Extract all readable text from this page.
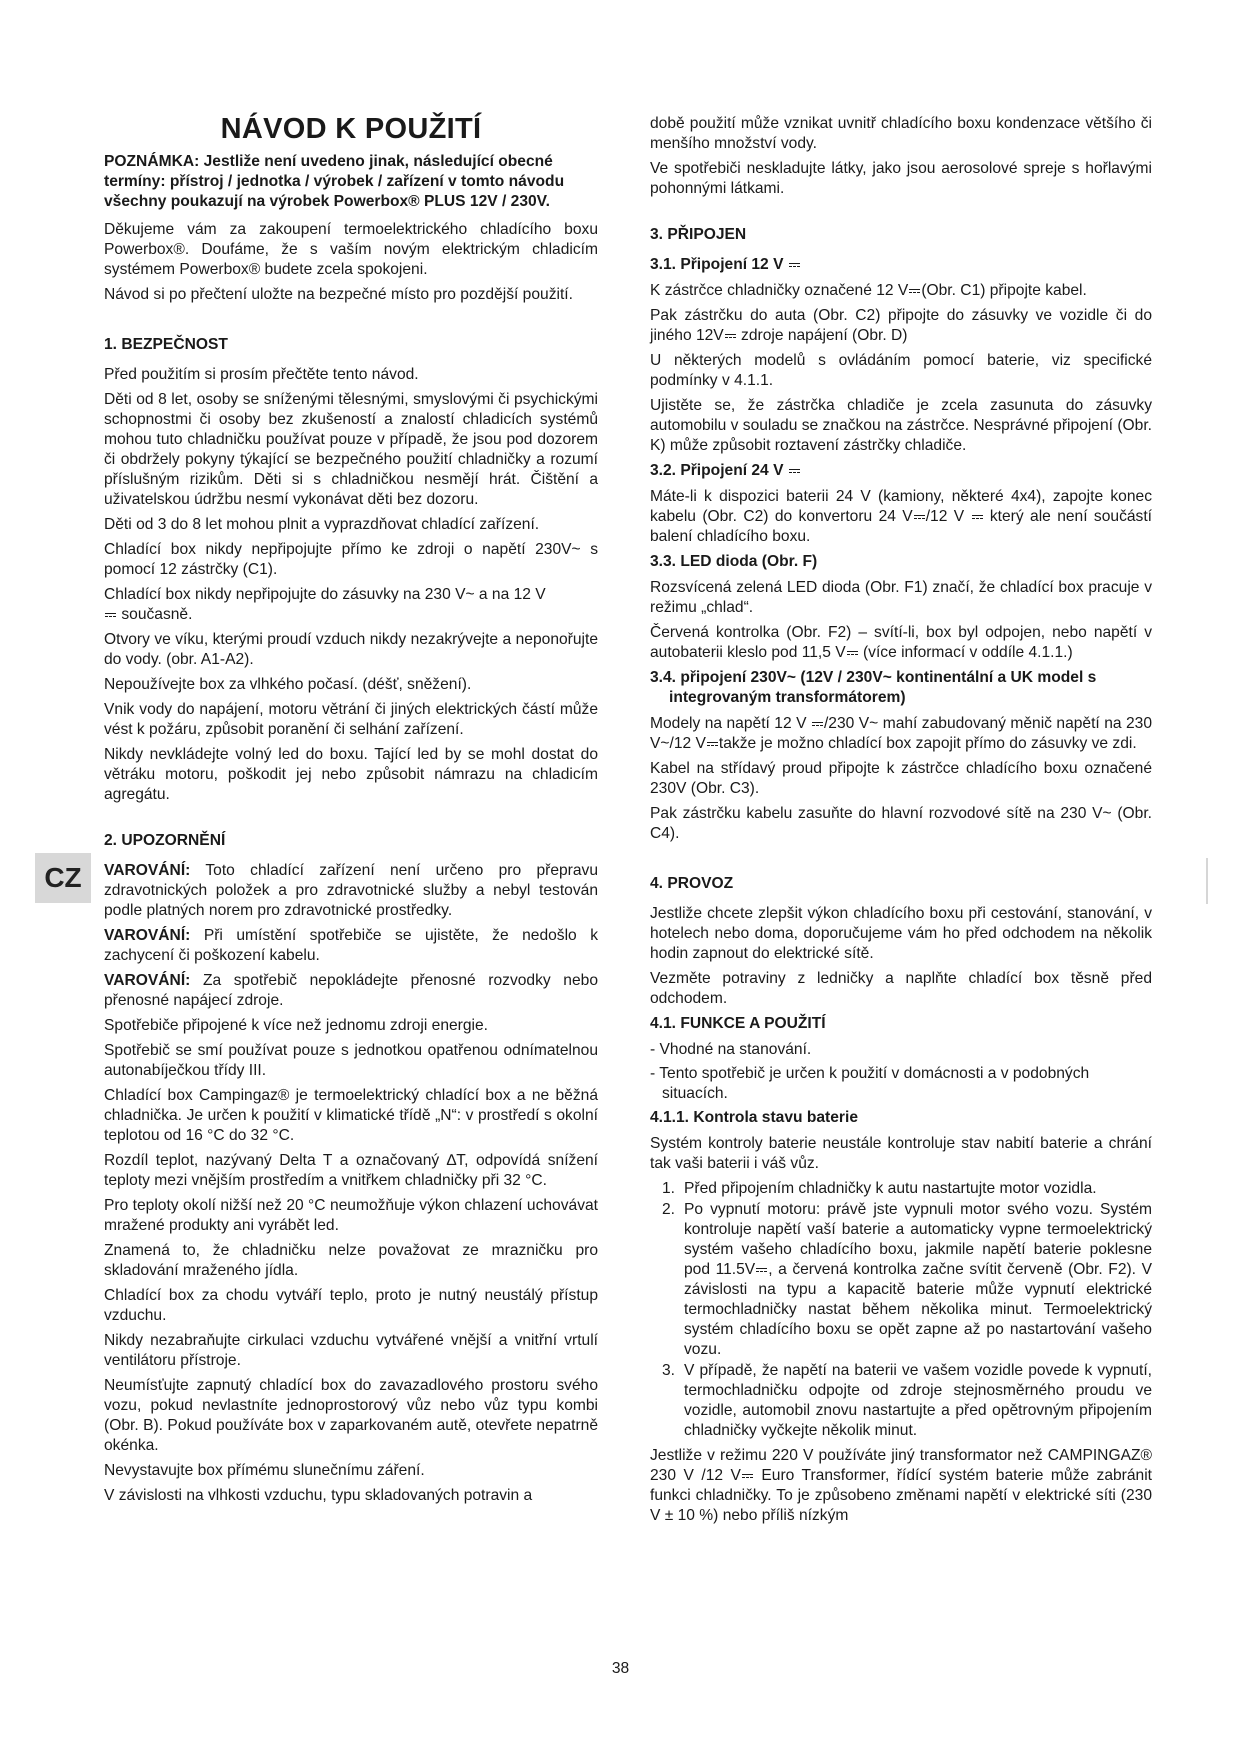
NÁVOD K POUŽITÍ

POZNÁMKA: Jestliže není uvedeno jinak, následující obecné termíny: přístroj / jednotka / výrobek / zařízení v tomto návodu všechny poukazují na výrobek Powerbox® PLUS 12V / 230V.

Děkujeme vám za zakoupení termoelektrického chladícího boxu Powerbox®. Doufáme, že s vaším novým elektrickým chladicím systémem Powerbox® budete zcela spokojeni.

Návod si po přečtení uložte na bezpečné místo pro pozdější použití.

1. BEZPEČNOST

Před použitím si prosím přečtěte tento návod.

Děti od 8 let, osoby se sníženými tělesnými, smyslovými či psychickými schopnostmi či osoby bez zkušeností a znalostí chladicích systémů mohou tuto chladničku používat pouze v případě, že jsou pod dozorem či obdržely pokyny týkající se bezpečného použití chladničky a rozumí příslušným rizikům. Děti si s chladničkou nesmějí hrát. Čištění a uživatelskou údržbu nesmí vykonávat děti bez dozoru.

Děti od 3 do 8 let mohou plnit a vyprazdňovat chladící zařízení.

Chladící box nikdy nepřipojujte přímo ke zdroji o napětí 230V~ s pomocí 12 zástrčky (C1).

Chladící box nikdy nepřipojujte do zásuvky na 230 V~ a na 12 V
současně.

Otvory ve víku, kterými proudí vzduch nikdy nezakrývejte a neponořujte do vody. (obr. A1-A2).

Nepoužívejte box za vlhkého počasí. (déšť, sněžení).

Vnik vody do napájení, motoru větrání či jiných elektrických částí může vést k požáru, způsobit poranění či selhání zařízení.

Nikdy nevkládejte volný led do boxu. Tající led by se mohl dostat do větráku motoru, poškodit jej nebo způsobit námrazu na chladicím agregátu.

2. UPOZORNĚNÍ

VAROVÁNÍ: Toto chladící zařízení není určeno pro přepravu zdravotnických položek a pro zdravotnické služby a nebyl testován podle platných norem pro zdravotnické prostředky.

VAROVÁNÍ: Při umístění spotřebiče se ujistěte, že nedošlo k zachycení či poškození kabelu.

VAROVÁNÍ: Za spotřebič nepokládejte přenosné rozvodky nebo přenosné napájecí zdroje.

Spotřebiče připojené k více než jednomu zdroji energie.

Spotřebič se smí používat pouze s jednotkou opatřenou odnímatelnou autonabíječkou třídy III.

Chladící box Campingaz® je termoelektrický chladící box a ne běžná chladnička. Je určen k použití v klimatické třídě „N“: v prostředí s okolní teplotou od 16 °C do 32 °C.

Rozdíl teplot, nazývaný Delta T a označovaný ∆T, odpovídá snížení teploty mezi vnějším prostředím a vnitřkem chladničky při 32 °C.

Pro teploty okolí nižší než 20 °C neumožňuje výkon chlazení uchovávat mražené produkty ani vyrábět led.

Znamená to, že chladničku nelze považovat ze mrazničku pro skladování mraženého jídla.

Chladící box za chodu vytváří teplo, proto je nutný neustálý přístup vzduchu.

Nikdy nezabraňujte cirkulaci vzduchu vytvářené vnější a vnitřní vrtulí ventilátoru přístroje.

Neumísťujte zapnutý chladící box do zavazadlového prostoru svého vozu, pokud nevlastníte jednoprostorový vůz nebo vůz typu kombi (Obr. B). Pokud používáte box v zaparkovaném autě, otevřete nepatrně okénka.

Nevystavujte box přímému slunečnímu záření.

V závislosti na vlhkosti vzduchu, typu skladovaných potravin a

době použití může vznikat uvnitř chladícího boxu kondenzace většího či menšího množství vody.

Ve spotřebiči neskladujte látky, jako jsou aerosolové spreje s hořlavými pohonnými látkami.

3. PŘIPOJEN
3.1. Připojení 12 V

K zástrčce chladničky označené 12 V (Obr. C1) připojte kabel.

Pak zástrčku do auta (Obr. C2) připojte do zásuvky ve vozidle či do jiného 12V zdroje napájení (Obr. D)

U některých modelů s ovládáním pomocí baterie, viz specifické podmínky v 4.1.1.

Ujistěte se, že zástrčka chladiče je zcela zasunuta do zásuvky automobilu v souladu se značkou na zástrčce. Nesprávné připojení (Obr. K) může způsobit roztavení zástrčky chladiče.

3.2. Připojení 24 V

Máte-li k dispozici baterii 24 V (kamiony, některé 4x4), zapojte konec kabelu (Obr. C2) do konvertoru 24 V /12 V  který ale není součástí balení chladícího boxu.

3.3. LED dioda (Obr. F)

Rozsvícená zelená LED dioda (Obr. F1) značí, že chladící box pracuje v režimu „chlad“.

Červená kontrolka (Obr. F2) – svítí-li, box byl odpojen, nebo napětí v autobaterii kleslo pod 11,5 V (více informací v oddíle 4.1.1.)

3.4. připojení 230V~ (12V / 230V~ kontinentální a UK model s
integrovaným transformátorem)

Modely na napětí 12 V /230 V~ mahí zabudovaný měnič napětí na 230 V~/12 V takže je možno chladící box zapojit přímo do zásuvky ve zdi.

Kabel na střídavý proud připojte k zástrčce chladícího boxu označené 230V (Obr. C3).

Pak zástrčku kabelu zasuňte do hlavní rozvodové sítě na 230 V~ (Obr. C4).

4. PROVOZ

Jestliže chcete zlepšit výkon chladícího boxu při cestování, stanování, v hotelech nebo doma, doporučujeme vám ho před odchodem na několik hodin zapnout do elektrické sítě.

Vezměte potraviny z ledničky a naplňte chladící box těsně před odchodem.

4.1. FUNKCE A POUŽITÍ

- Vhodné na stanování.

- Tento spotřebič je určen k použití v domácnosti a v podobných situacích.

4.1.1. Kontrola stavu baterie

Systém kontroly baterie neustále kontroluje stav nabití baterie a chrání tak vaši baterii i váš vůz.

1. Před připojením chladničky k autu nastartujte motor vozidla.
2. Po vypnutí motoru: právě jste vypnuli motor svého vozu. Systém kontroluje napětí vaší baterie a automaticky vypne termoelektrický systém vašeho chladícího boxu, jakmile napětí baterie poklesne pod 11.5V , a červená kontrolka začne svítit červeně (Obr. F2). V závislosti na typu a kapacitě baterie může vypnutí elektrické termochladničky nastat během několika minut. Termoelektrický systém chladícího boxu se opět zapne až po nastartování vašeho vozu.
3. V případě, že napětí na baterii ve vašem vozidle povede k vypnutí, termochladničku odpojte od zdroje stejnosměrného proudu ve vozidle, automobil znovu nastartujte a před opětrovným připojením chladničky vyčkejte několik minut.

Jestliže v režimu 220 V používáte jiný transformator než CAMPINGAZ® 230 V /12 V Euro Transformer, řídící systém baterie může zabránit funkci chladničky. To je způsobeno změnami napětí v elektrické síti (230 V ± 10 %) nebo příliš nízkým

CZ
38
